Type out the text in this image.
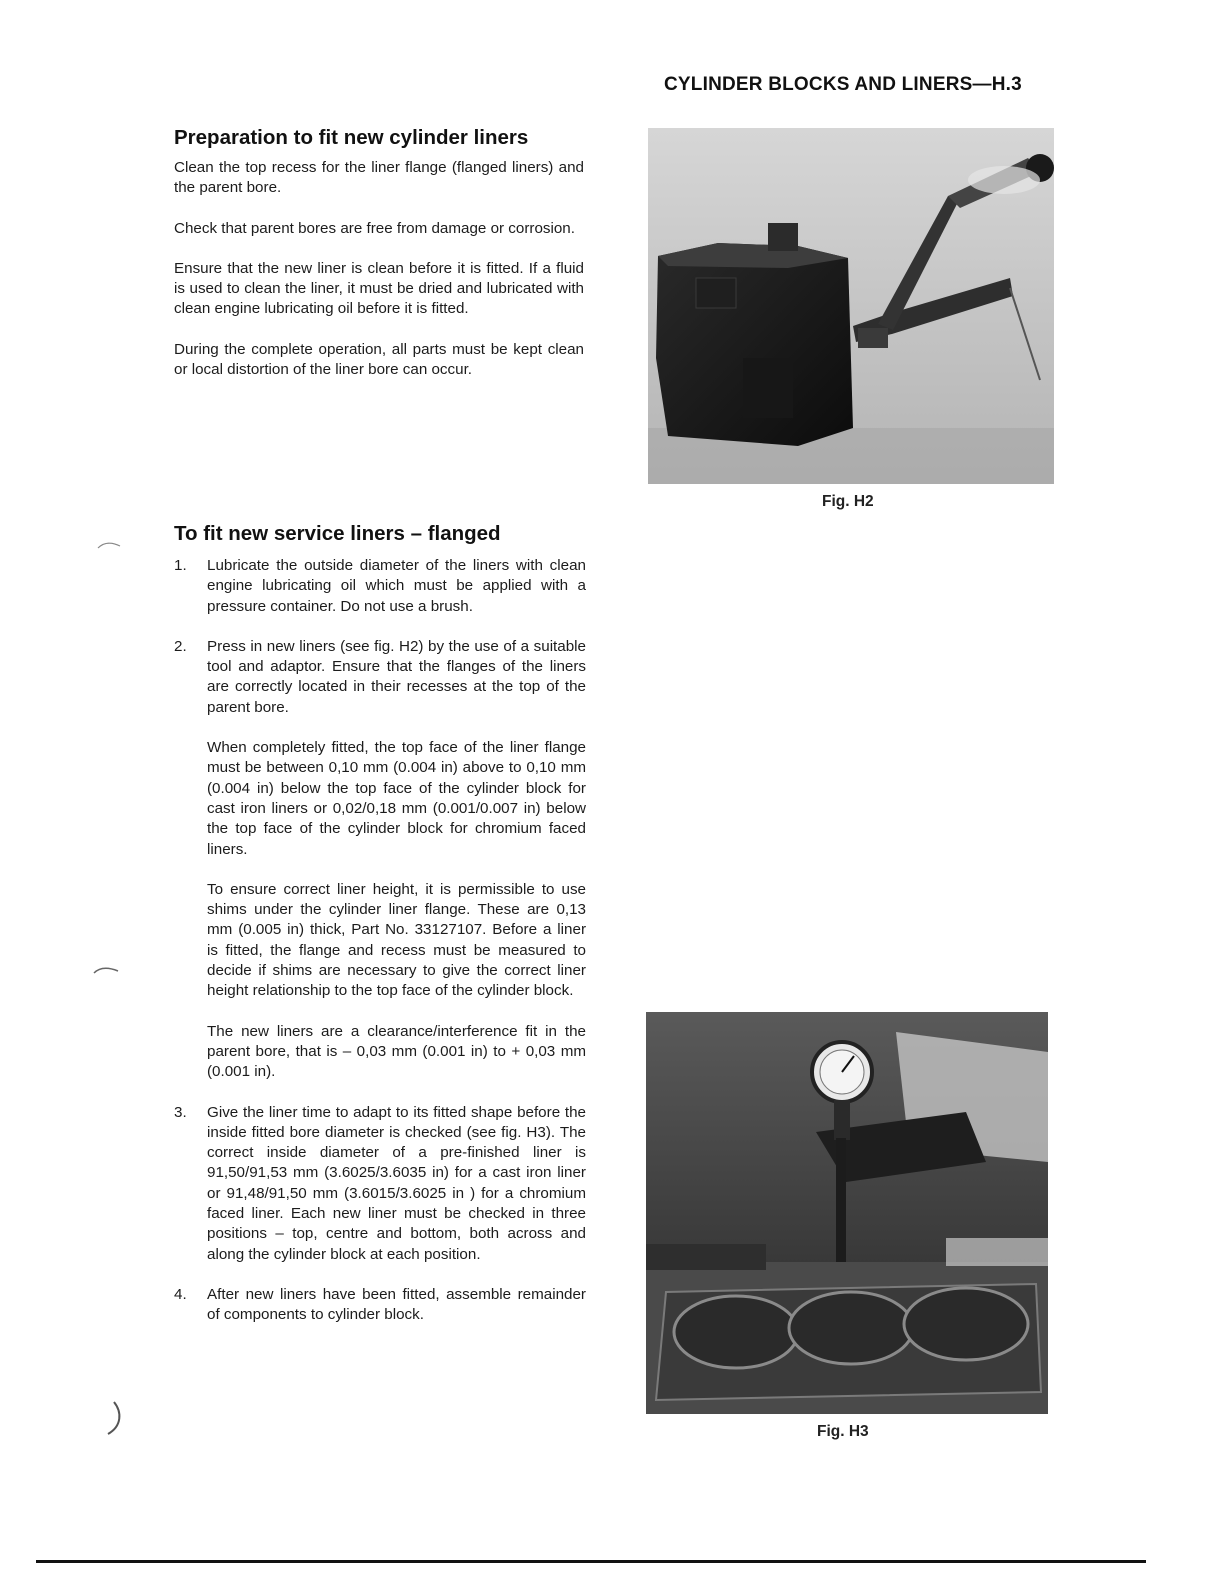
CYLINDER BLOCKS AND LINERS—H.3
Preparation to fit new cylinder liners

Clean the top recess for the liner flange (flanged liners) and the parent bore.

Check that parent bores are free from damage or corrosion.

Ensure that the new liner is clean before it is fitted. If a fluid is used to clean the liner, it must be dried and lubricated with clean engine lubricating oil before it is fitted.

During the complete operation, all parts must be kept clean or local distortion of the liner bore can occur.

To fit new service liners – flanged
1. Lubricate the outside diameter of the liners with clean engine lubricating oil which must be applied with a pressure container. Do not use a brush.

2. Press in new liners (see fig. H2) by the use of a suitable tool and adaptor. Ensure that the flanges of the liners are correctly located in their recesses at the top of the parent bore.

When completely fitted, the top face of the liner flange must be between 0,10 mm (0.004 in) above to 0,10 mm (0.004 in) below the top face of the cylinder block for cast iron liners or 0,02/0,18 mm (0.001/0.007 in) below the top face of the cylinder block for chromium faced liners.

To ensure correct liner height, it is permissible to use shims under the cylinder liner flange. These are 0,13 mm (0.005 in) thick, Part No. 33127107. Before a liner is fitted, the flange and recess must be measured to decide if shims are necessary to give the correct liner height relationship to the top face of the cylinder block.

The new liners are a clearance/interference fit in the parent bore, that is – 0,03 mm (0.001 in) to + 0,03 mm (0.001 in).

3. Give the liner time to adapt to its fitted shape before the inside fitted bore diameter is checked (see fig. H3). The correct inside diameter of a pre-finished liner is 91,50/91,53 mm (3.6025/3.6035 in) for a cast iron liner or 91,48/91,50 mm (3.6015/3.6025 in ) for a chromium faced liner. Each new liner must be checked in three positions – top, centre and bottom, both across and along the cylinder block at each position.

4. After new liners have been fitted, assemble remainder of components to cylinder block.

Fig. H2
Fig. H3
